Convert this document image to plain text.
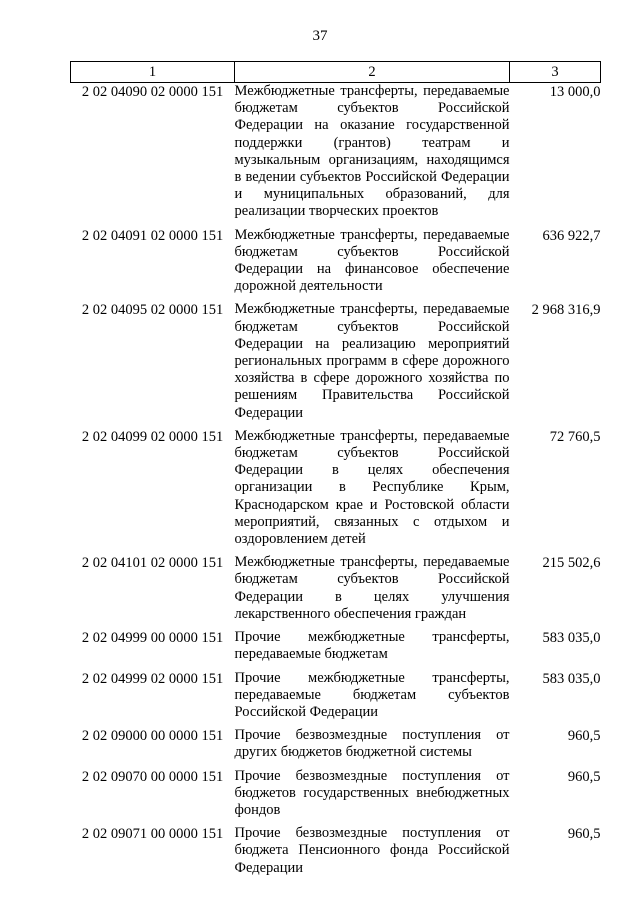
37
1	2	3
2 02 04090 02 0000 151	Межбюджетные трансферты, передаваемые бюджетам субъектов Российской Федерации на оказание государственной поддержки (грантов) театрам и музыкальным организациям, находящимся в ведении субъектов Российской Федерации и муниципальных образований, для реализации творческих проектов	13 000,0

2 02 04091 02 0000 151	Межбюджетные трансферты, передаваемые бюджетам субъектов Российской Федерации на финансовое обеспечение дорожной деятельности	636 922,7

2 02 04095 02 0000 151	Межбюджетные трансферты, передаваемые бюджетам субъектов Российской Федерации на реализацию мероприятий региональных программ в сфере дорожного хозяйства в сфере дорожного хозяйства по решениям Правительства Российской Федерации	2 968 316,9

2 02 04099 02 0000 151	Межбюджетные трансферты, передаваемые бюджетам субъектов Российской Федерации в целях обеспечения организации в Республике Крым, Краснодарском крае и Ростовской области мероприятий, связанных с отдыхом и оздоровлением детей	72 760,5

2 02 04101 02 0000 151	Межбюджетные трансферты, передаваемые бюджетам субъектов Российской Федерации в целях улучшения лекарственного обеспечения граждан	215 502,6

2 02 04999 00 0000 151	Прочие межбюджетные трансферты, передаваемые бюджетам	583 035,0

2 02 04999 02 0000 151	Прочие межбюджетные трансферты, передаваемые бюджетам субъектов Российской Федерации	583 035,0

2 02 09000 00 0000 151	Прочие безвозмездные поступления от других бюджетов бюджетной системы	960,5

2 02 09070 00 0000 151	Прочие безвозмездные поступления от бюджетов государственных внебюджетных фондов	960,5

2 02 09071 00 0000 151	Прочие безвозмездные поступления от бюджета Пенсионного фонда Российской Федерации	960,5
